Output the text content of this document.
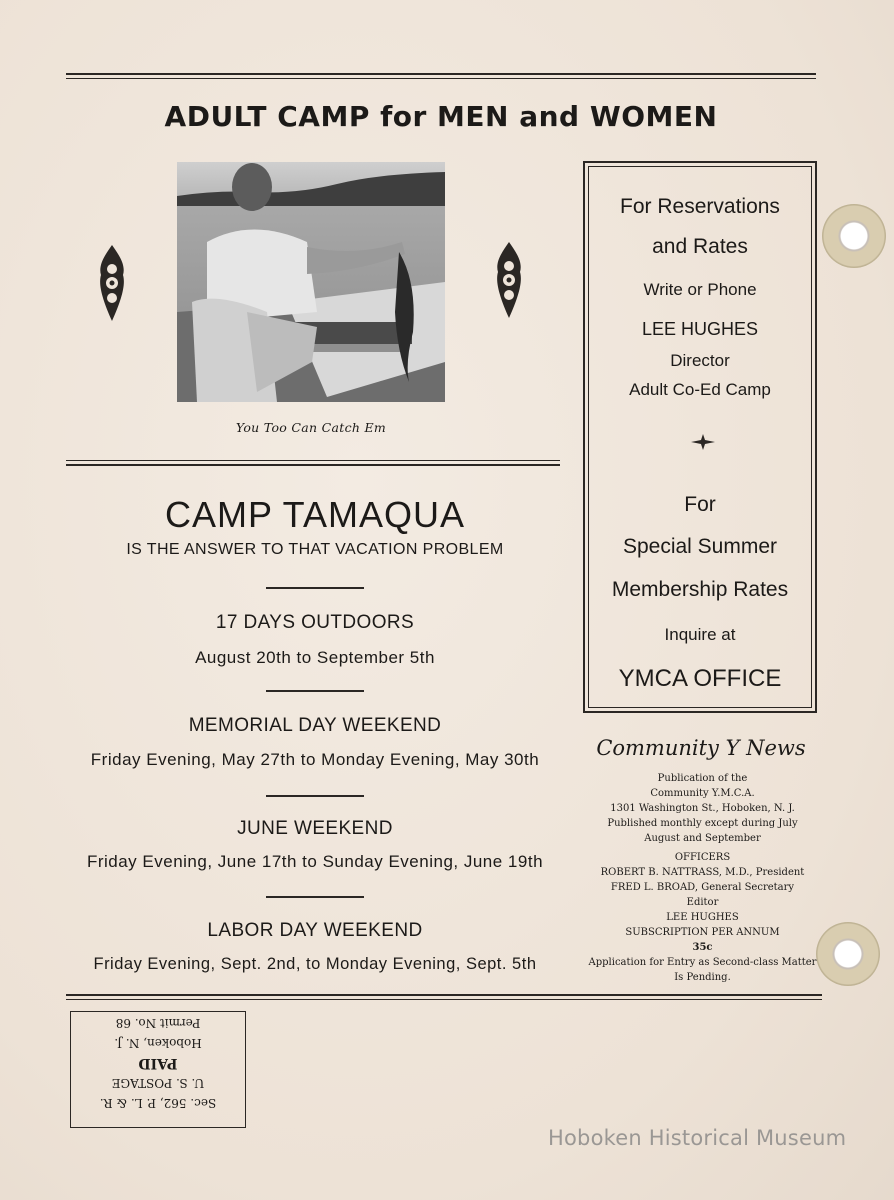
ADULT CAMP for MEN and WOMEN
You Too Can Catch Em
CAMP TAMAQUA
IS THE ANSWER TO THAT VACATION PROBLEM
17 DAYS OUTDOORS
August 20th to September 5th
MEMORIAL DAY WEEKEND
Friday Evening, May 27th to Monday Evening, May 30th
JUNE WEEKEND
Friday Evening, June 17th to Sunday Evening, June 19th
LABOR DAY WEEKEND
Friday Evening, Sept. 2nd, to Monday Evening, Sept. 5th
For Reservations
and Rates
Write or Phone
LEE HUGHES
Director
Adult Co-Ed Camp
For
Special Summer
Membership Rates
Inquire at
YMCA OFFICE
Community Y News
Publication of the
Community Y.M.C.A.
1301 Washington St., Hoboken, N. J.
Published monthly except during July
August and September
OFFICERS
ROBERT B. NATTRASS, M.D., President
FRED L. BROAD, General Secretary
Editor
LEE HUGHES
SUBSCRIPTION PER ANNUM
35c
Application for Entry as Second-class Matter
Is Pending.
Sec. 562, P. L. & R.
U. S. POSTAGE
PAID
Hoboken, N. J.
Permit No. 68
Hoboken Historical Museum
